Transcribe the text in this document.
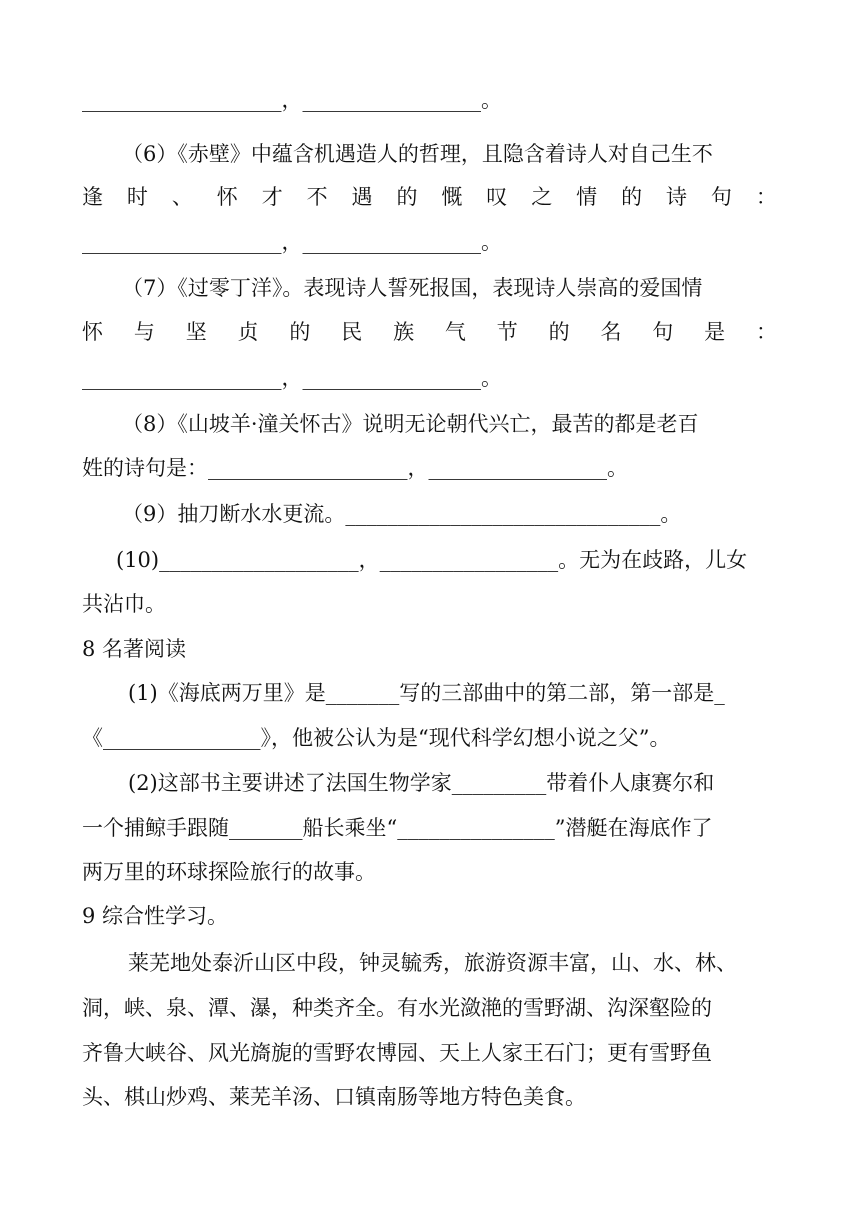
___________________，_________________。
（6）《赤壁》中蕴含机遇造人的哲理，且隐含着诗人对自己生不
逢 时 、 怀 才 不 遇 的 慨 叹 之 情 的 诗 句 ：
___________________，_________________。
（7）《过零丁洋》。表现诗人誓死报国，表现诗人崇高的爱国情
怀 与 坚 贞 的 民 族 气 节 的 名 句 是 ：
___________________，_________________。
（8）《山坡羊·潼关怀古》说明无论朝代兴亡，最苦的都是老百
姓的诗句是：___________________，_________________。
（9）抽刀断水水更流。______________________________。
(10)___________________，_________________。无为在歧路，儿女
共沾巾。
8 名著阅读
(1)《海底两万里》是_______写的三部曲中的第二部，第一部是_
《_______________》，他被公认为是“现代科学幻想小说之父”。
(2)这部书主要讲述了法国生物学家_________带着仆人康赛尔和
一个捕鲸手跟随_______船长乘坐“_______________”潜艇在海底作了
两万里的环球探险旅行的故事。
9 综合性学习。
莱芜地处泰沂山区中段，钟灵毓秀，旅游资源丰富，山、水、林、
洞，峡、泉、潭、瀑，种类齐全。有水光潋滟的雪野湖、沟深壑险的
齐鲁大峡谷、风光旖旎的雪野农博园、天上人家王石门；更有雪野鱼
头、棋山炒鸡、莱芜羊汤、口镇南肠等地方特色美食。
